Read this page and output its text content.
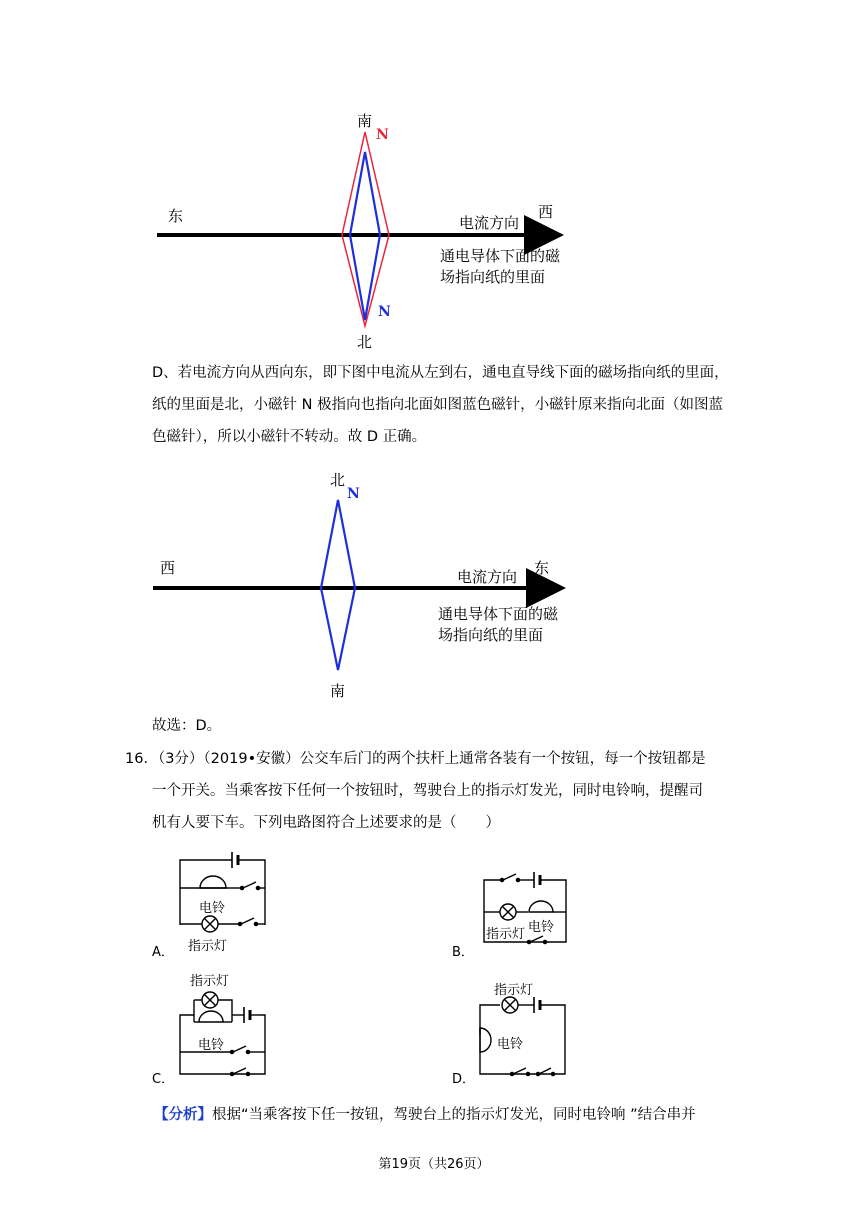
南
N
东	西
电流方向
通电导体下面的磁
场指向纸的里面
N
北
D、若电流方向从西向东，即下图中电流从左到右，通电直导线下面的磁场指向纸的里面，纸的里面是北，小磁针 N 极指向也指向北面如图蓝色磁针，小磁针原来指向北面（如图蓝色磁针），所以小磁针不转动。故 D 正确。
北
N
西	东
电流方向
通电导体下面的磁
场指向纸的里面
南
故选：D。
16．（3分）（2019•安徽）公交车后门的两个扶杆上通常各装有一个按钮，每一个按钮都是
一个开关。当乘客按下任何一个按钮时，驾驶台上的指示灯发光，同时电铃响，提醒司
机有人要下车。下列电路图符合上述要求的是（　　）
电铃
指示灯
A．
指示灯 电铃
B．
指示灯
电铃
C．
指示灯
电铃
D．
【分析】根据“当乘客按下任一按钮，驾驶台上的指示灯发光，同时电铃响 ”结合串并
第19页（共26页）
